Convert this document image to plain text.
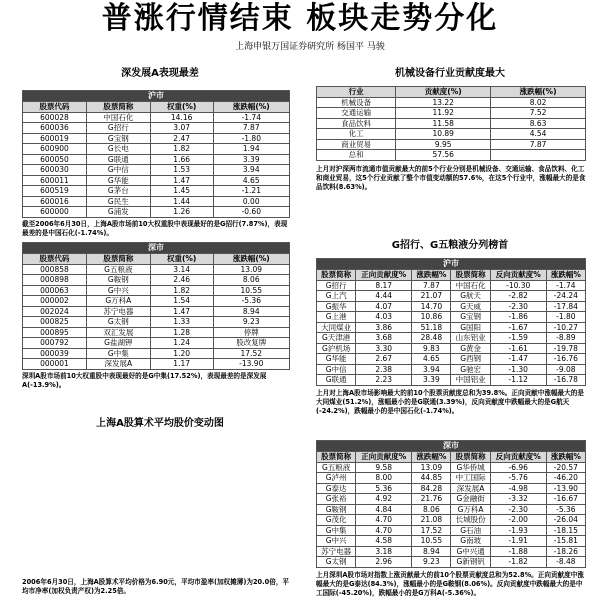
普涨行情结束 板块走势分化
上海申银万国证券研究所 杨国平 马骏
深发展A表现最差	机械设备行业贡献度最大
沪市			
股票代码	股票简称	权重(%)	涨跌幅(%)
600028	中国石化	14.16	-1.74
600036	G招行	3.07	7.87
600019	G宝钢	2.47	-1.80
600900	G长电	1.82	1.94
600050	G联通	1.66	3.39
600030	G中信	1.53	3.94
600011	G华能	1.47	4.65
600519	G茅台	1.45	-1.21
600016	G民生	1.44	0.00
600000	G浦发	1.26	-0.60
截至2006年6月30日，上海A股市场前10大权重股中表现最好的是G招行(7.87%)，表现最差的是中国石化(-1.74%)。
深市			
股票代码	股票简称	权重(%)	涨跌幅(%)
000858	G五粮液	3.14	13.09
000898	G鞍钢	2.46	8.06
000063	G中兴	1.82	10.55
000002	G万科A	1.54	-5.36
002024	苏宁电器	1.47	8.94
000825	G太钢	1.33	9.23
000895	双汇发展	1.28	停牌
000792	G盐湖钾	1.24	股改复牌
000039	G中集	1.20	17.52
000001	深发展A	1.17	-13.90
深圳A股市场前10大权重股中表现最好的是G中集(17.52%)，表现最差的是深发展A(-13.9%)。
行业	贡献度(%)	涨跌幅(%)
机械设备	13.22	8.02
交通运输	11.92	7.52
食品饮料	11.58	8.63
化工	10.89	4.54
商业贸易	9.95	7.87
总和	57.56	
上月对沪深两市流通市值贡献最大的前5个行业分别是机械设备、交通运输、食品饮料、化工和商业贸易，这5个行业贡献了整个市值变动额的57.6%，在这5个行业中，涨幅最大的是食品饮料(8.63%)。
G招行、G五粮液分列榜首
沪市					
股票简称	正向贡献度%	涨跌幅%	股票简称	反向贡献度%	涨跌幅%
G招行	8.17	7.87	中国石化	-10.30	-1.74
G上汽	4.44	21.07	G航天	-2.82	-24.24
G振华	4.07	14.70	G天威	-2.30	-17.84
G上港	4.03	10.86	G宝钢	-1.86	-1.80
大同煤业	3.86	51.18	G国阳	-1.67	-10.27
G天津港	3.68	28.48	山东铝业	-1.59	-8.89
G沪机场	3.30	9.83	G黄金	-1.61	-19.78
G华能	2.67	4.65	G西钢	-1.47	-16.76
G中信	2.38	3.94	G驰宏	-1.30	-9.08
G联通	2.23	3.39	中国铝业	-1.12	-16.78
上月对上海A股市场影响最大的前10个股票贡献度总和为39.8%。正向贡献中涨幅最大的是大同煤业(51.2%)，涨幅最小的是G联通(3.39%)，反向贡献度中跌幅最大的是G航天(-24.2%)，跌幅最小的是中国石化(-1.74%)。
深市					
股票简称	正向贡献度%	涨跌幅%	股票简称	反向贡献度%	涨跌幅%
G五粮液	9.58	13.09	G华侨城	-6.96	-20.57
G泸州	8.00	44.85	中工国际	-5.76	-46.20
G泰达	5.36	84.28	深发展A	-4.98	-13.90
G张裕	4.92	21.76	G金融街	-3.32	-16.67
G鞍钢	4.84	8.06	G万科A	-2.30	-5.36
G茂化	4.70	21.08	长城股份	-2.00	-26.04
G中集	4.70	17.52	G石油	-1.93	-18.15
G中兴	4.58	10.55	G南玻	-1.91	-15.81
苏宁电器	3.18	8.94	G中兴通	-1.88	-18.26
G太钢	2.96	9.23	G新钢钒	-1.82	-8.48
上月深圳A股市场对指数上涨贡献最大的前10个股票贡献度总和为52.8%。正向贡献度中涨幅最大的是G泰达(84.3%)，涨幅最小的是G鞍钢(8.06%)。反向贡献度中跌幅最大的是中工国际(-45.20%)，跌幅最小的是G万科A(-5.36%)。
上海A股算术平均股价变动图
2006年6月30日，上海A股算术平均价格为6.90元，平均市盈率(加权摊薄)为20.0倍，平均市净率(加权负责产权)为2.25倍。
